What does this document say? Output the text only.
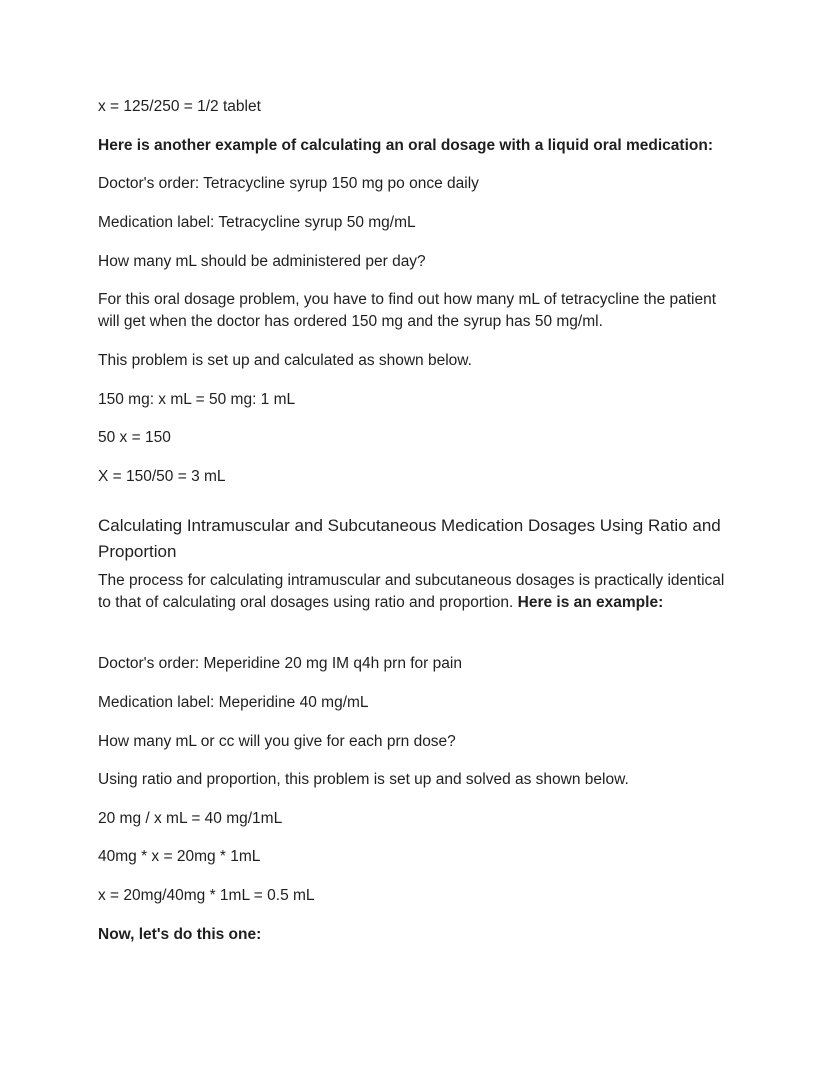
x = 125/250 = 1/2 tablet

Here is another example of calculating an oral dosage with a liquid oral medication:

Doctor's order: Tetracycline syrup 150 mg po once daily

Medication label: Tetracycline syrup 50 mg/mL

How many mL should be administered per day?

For this oral dosage problem, you have to find out how many mL of tetracycline the patient will get when the doctor has ordered 150 mg and the syrup has 50 mg/ml.

This problem is set up and calculated as shown below.

150 mg: x mL = 50 mg: 1 mL

50 x = 150

X = 150/50 = 3 mL

Calculating Intramuscular and Subcutaneous Medication Dosages Using Ratio and Proportion

The process for calculating intramuscular and subcutaneous dosages is practically identical to that of calculating oral dosages using ratio and proportion. Here is an example:

Doctor's order: Meperidine 20 mg IM q4h prn for pain

Medication label: Meperidine 40 mg/mL

How many mL or cc will you give for each prn dose?

Using ratio and proportion, this problem is set up and solved as shown below.

20 mg / x mL = 40 mg/1mL

40mg * x = 20mg * 1mL

x = 20mg/40mg * 1mL = 0.5 mL

Now, let's do this one:
